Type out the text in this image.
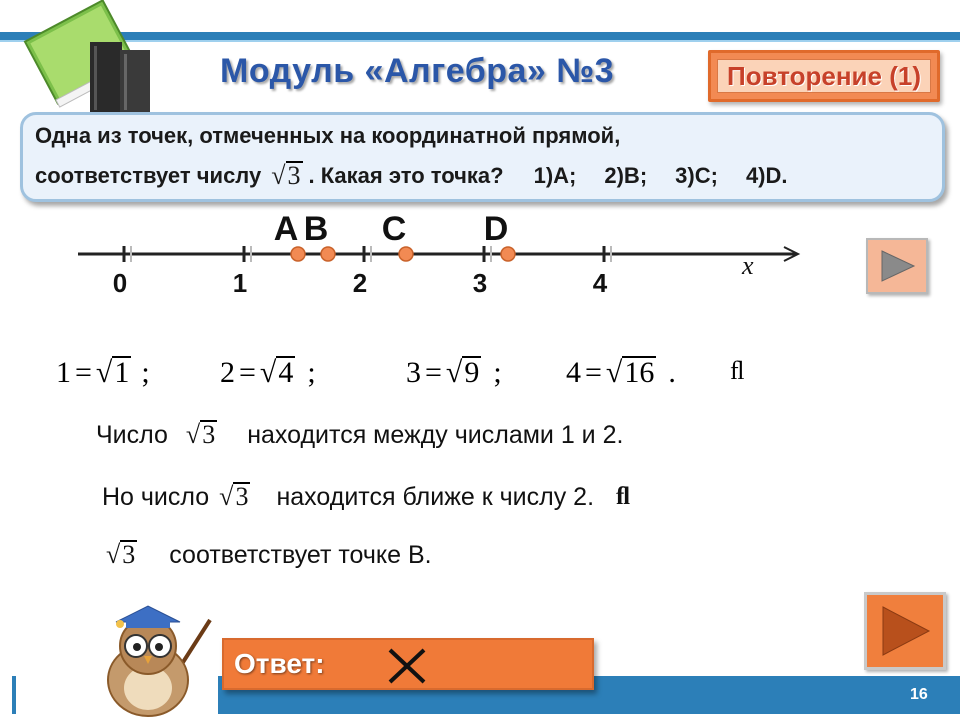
Модуль «Алгебра» №3	Повторение (1)
Одна из точек, отмеченных на координатной прямой,
соответствует числу √ 3 . Какая это точка? 1)A; 2)B; 3)C; 4)D.
0	1	2	3	4
A B C D
x
1 = √ 1 ; 2 = √ 4 ;	3 = √ 9 ; 4 = √ 16 . ﬂ
Число √ 3 находится между числами 1 и 2.
Но число √ 3 находится ближе к числу 2. ﬂ
√ 3 соответствует точке В.
16
Ответ:
